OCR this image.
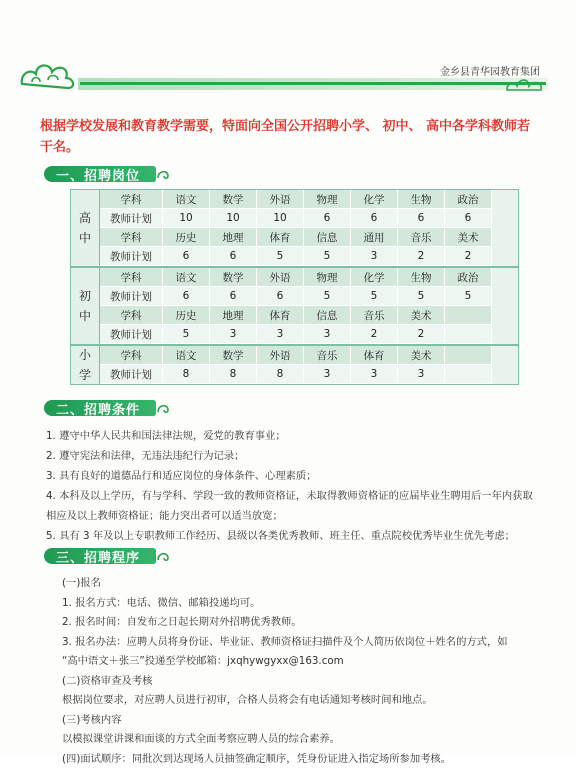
金乡县青华园教育集团
根据学校发展和教育教学需要，特面向全国公开招聘小学、 初中、 高中各学科教师若干名。
一、招聘岗位
高
中
学科	语文	数学	外语	物理	化学	生物	政治
教师计划	10	10	10	6	6	6	6
学科	历史	地理	体育	信息	通用	音乐	美术
教师计划	6	6	5	5	3	2	2
初
中
学科	语文	数学	外语	物理	化学	生物	政治
教师计划	6	6	6	5	5	5	5
学科	历史	地理	体育	信息	音乐	美术	
教师计划	5	3	3	3	2	2	
小
学
学科	语文	数学	外语	音乐	体育	美术	
教师计划	8	8	8	3	3	3	
二、招聘条件

1. 遵守中华人民共和国法律法规，爱党的教育事业；

2. 遵守宪法和法律，无违法违纪行为记录；

3. 具有良好的道德品行和适应岗位的身体条件、心理素质；

4. 本科及以上学历，有与学科、学段一致的教师资格证，未取得教师资格证的应届毕业生聘用后一年内获取相应及以上教师资格证；能力突出者可以适当放宽；

5. 具有 3 年及以上专职教师工作经历、县级以各类优秀教师、班主任、重点院校优秀毕业生优先考虑；

三、招聘程序

(一)报名

1. 报名方式：电话、微信、邮箱投递均可。

2. 报名时间：自发布之日起长期对外招聘优秀教师。

3. 报名办法：应聘人员将身份证、毕业证、教师资格证扫描件及个人简历依岗位＋姓名的方式，如

“高中语文＋张三”投递至学校邮箱：jxqhywgyxx@163.com

(二)资格审查及考核

根据岗位要求，对应聘人员进行初审，合格人员将会有电话通知考核时间和地点。

(三)考核内容

以模拟课堂讲课和面谈的方式全面考察应聘人员的综合素养。

(四)面试顺序：同批次到达现场人员抽签确定顺序，凭身份证进入指定场所参加考核。
